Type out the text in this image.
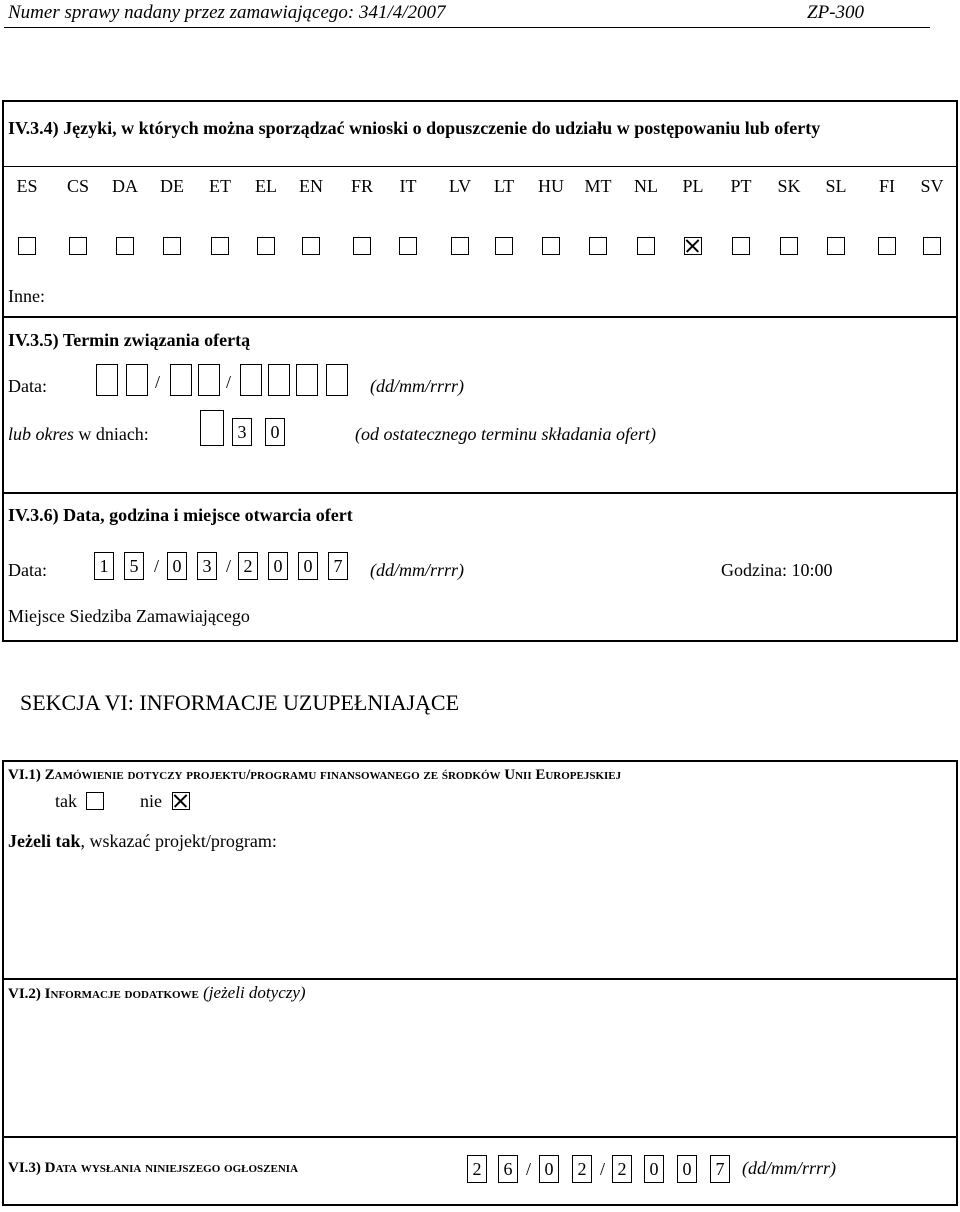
Numer sprawy nadany przez zamawiającego: 341/4/2007	ZP-300
IV.3.4) Języki, w których można sporządzać wnioski o dopuszczenie do udziału w postępowaniu lub oferty
ES	CS	DA	DE	ET	EL	EN	FR	IT	LV	LT	HU	MT	NL	PL	PT	SK	SL	FI	SV
Inne:
IV.3.5) Termin związania ofertą
Data:	/	/	(dd/mm/rrrr)
lub okres w dniach:	3	0	(od ostatecznego terminu składania ofert)
IV.3.6) Data, godzina i miejsce otwarcia ofert
Data:	1	5 / 0	3 / 2	0	0	7	(dd/mm/rrrr)	Godzina: 10:00
Miejsce Siedziba Zamawiającego
SEKCJA VI: INFORMACJE UZUPEŁNIAJĄCE
VI.1) Zamówienie dotyczy projektu/programu finansowanego ze środków Unii Europejskiej
tak	nie
Jeżeli tak, wskazać projekt/program:
VI.2) Informacje dodatkowe (jeżeli dotyczy)
VI.3) Data wysłania niniejszego ogłoszenia	2	6 / 0	2 / 2	0	0	7 (dd/mm/rrrr)
